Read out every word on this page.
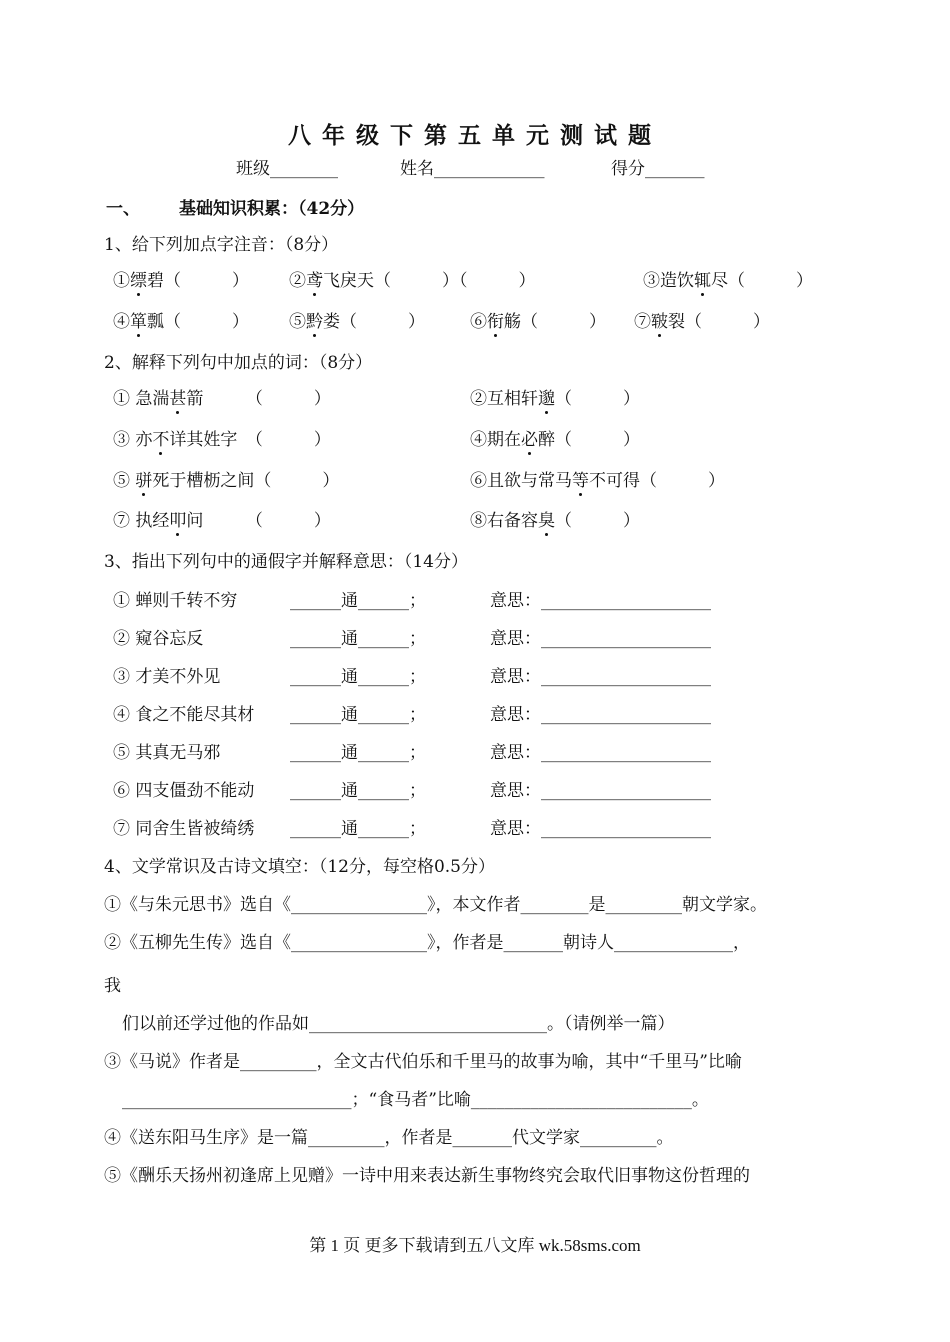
八年级下第五单元测试题
班级________	姓名_____________	得分_______
一、 基础知识积累：（42分）
1、给下列加点字注音：（8分）
①缥碧（　　　） ②鸢飞戾天（　　　）（　　　）	③造饮辄尽（　　　）
④箪瓢（　　　） ⑤黔娄（　　　）	⑥衔觞（　　　） ⑦皲裂（　　　）
2、解释下列句中加点的词：（8分）
① 急湍甚箭　　　（　　　）	②互相轩邈（　　　）
③ 亦不详其姓字　（　　　）	④期在必醉（　　　）
⑤ 骈死于槽枥之间（　　　）	⑥且欲与常马等不可得（　　　）
⑦ 执经叩问　　　（　　　）	⑧右备容臭（　　　）
3、指出下列句中的通假字并解释意思：（14分）
① 蝉则千转不穷	______通______；	意思：____________________
② 窥谷忘反	______通______；	意思：____________________
③ 才美不外见	______通______；	意思：____________________
④ 食之不能尽其材 ______通______；	意思：____________________
⑤ 其真无马邪	______通______；	意思：____________________
⑥ 四支僵劲不能动 ______通______；	意思：____________________
⑦ 同舍生皆被绮绣 ______通______；	意思：____________________
4、文学常识及古诗文填空：（12分，每空格0.5分）
①《与朱元思书》选自《________________》，本文作者________是_________朝文学家。
②《五柳先生传》选自《________________》，作者是_______朝诗人______________，
我
们以前还学过他的作品如____________________________。（请例举一篇）
③《马说》作者是_________，全文古代伯乐和千里马的故事为喻，其中“千里马”比喻
___________________________；“食马者”比喻__________________________。
④《送东阳马生序》是一篇_________，作者是_______代文学家_________。
⑤《酬乐天扬州初逢席上见赠》一诗中用来表达新生事物终究会取代旧事物这份哲理的
第 1 页 更多下载请到五八文库 wk.58sms.com
